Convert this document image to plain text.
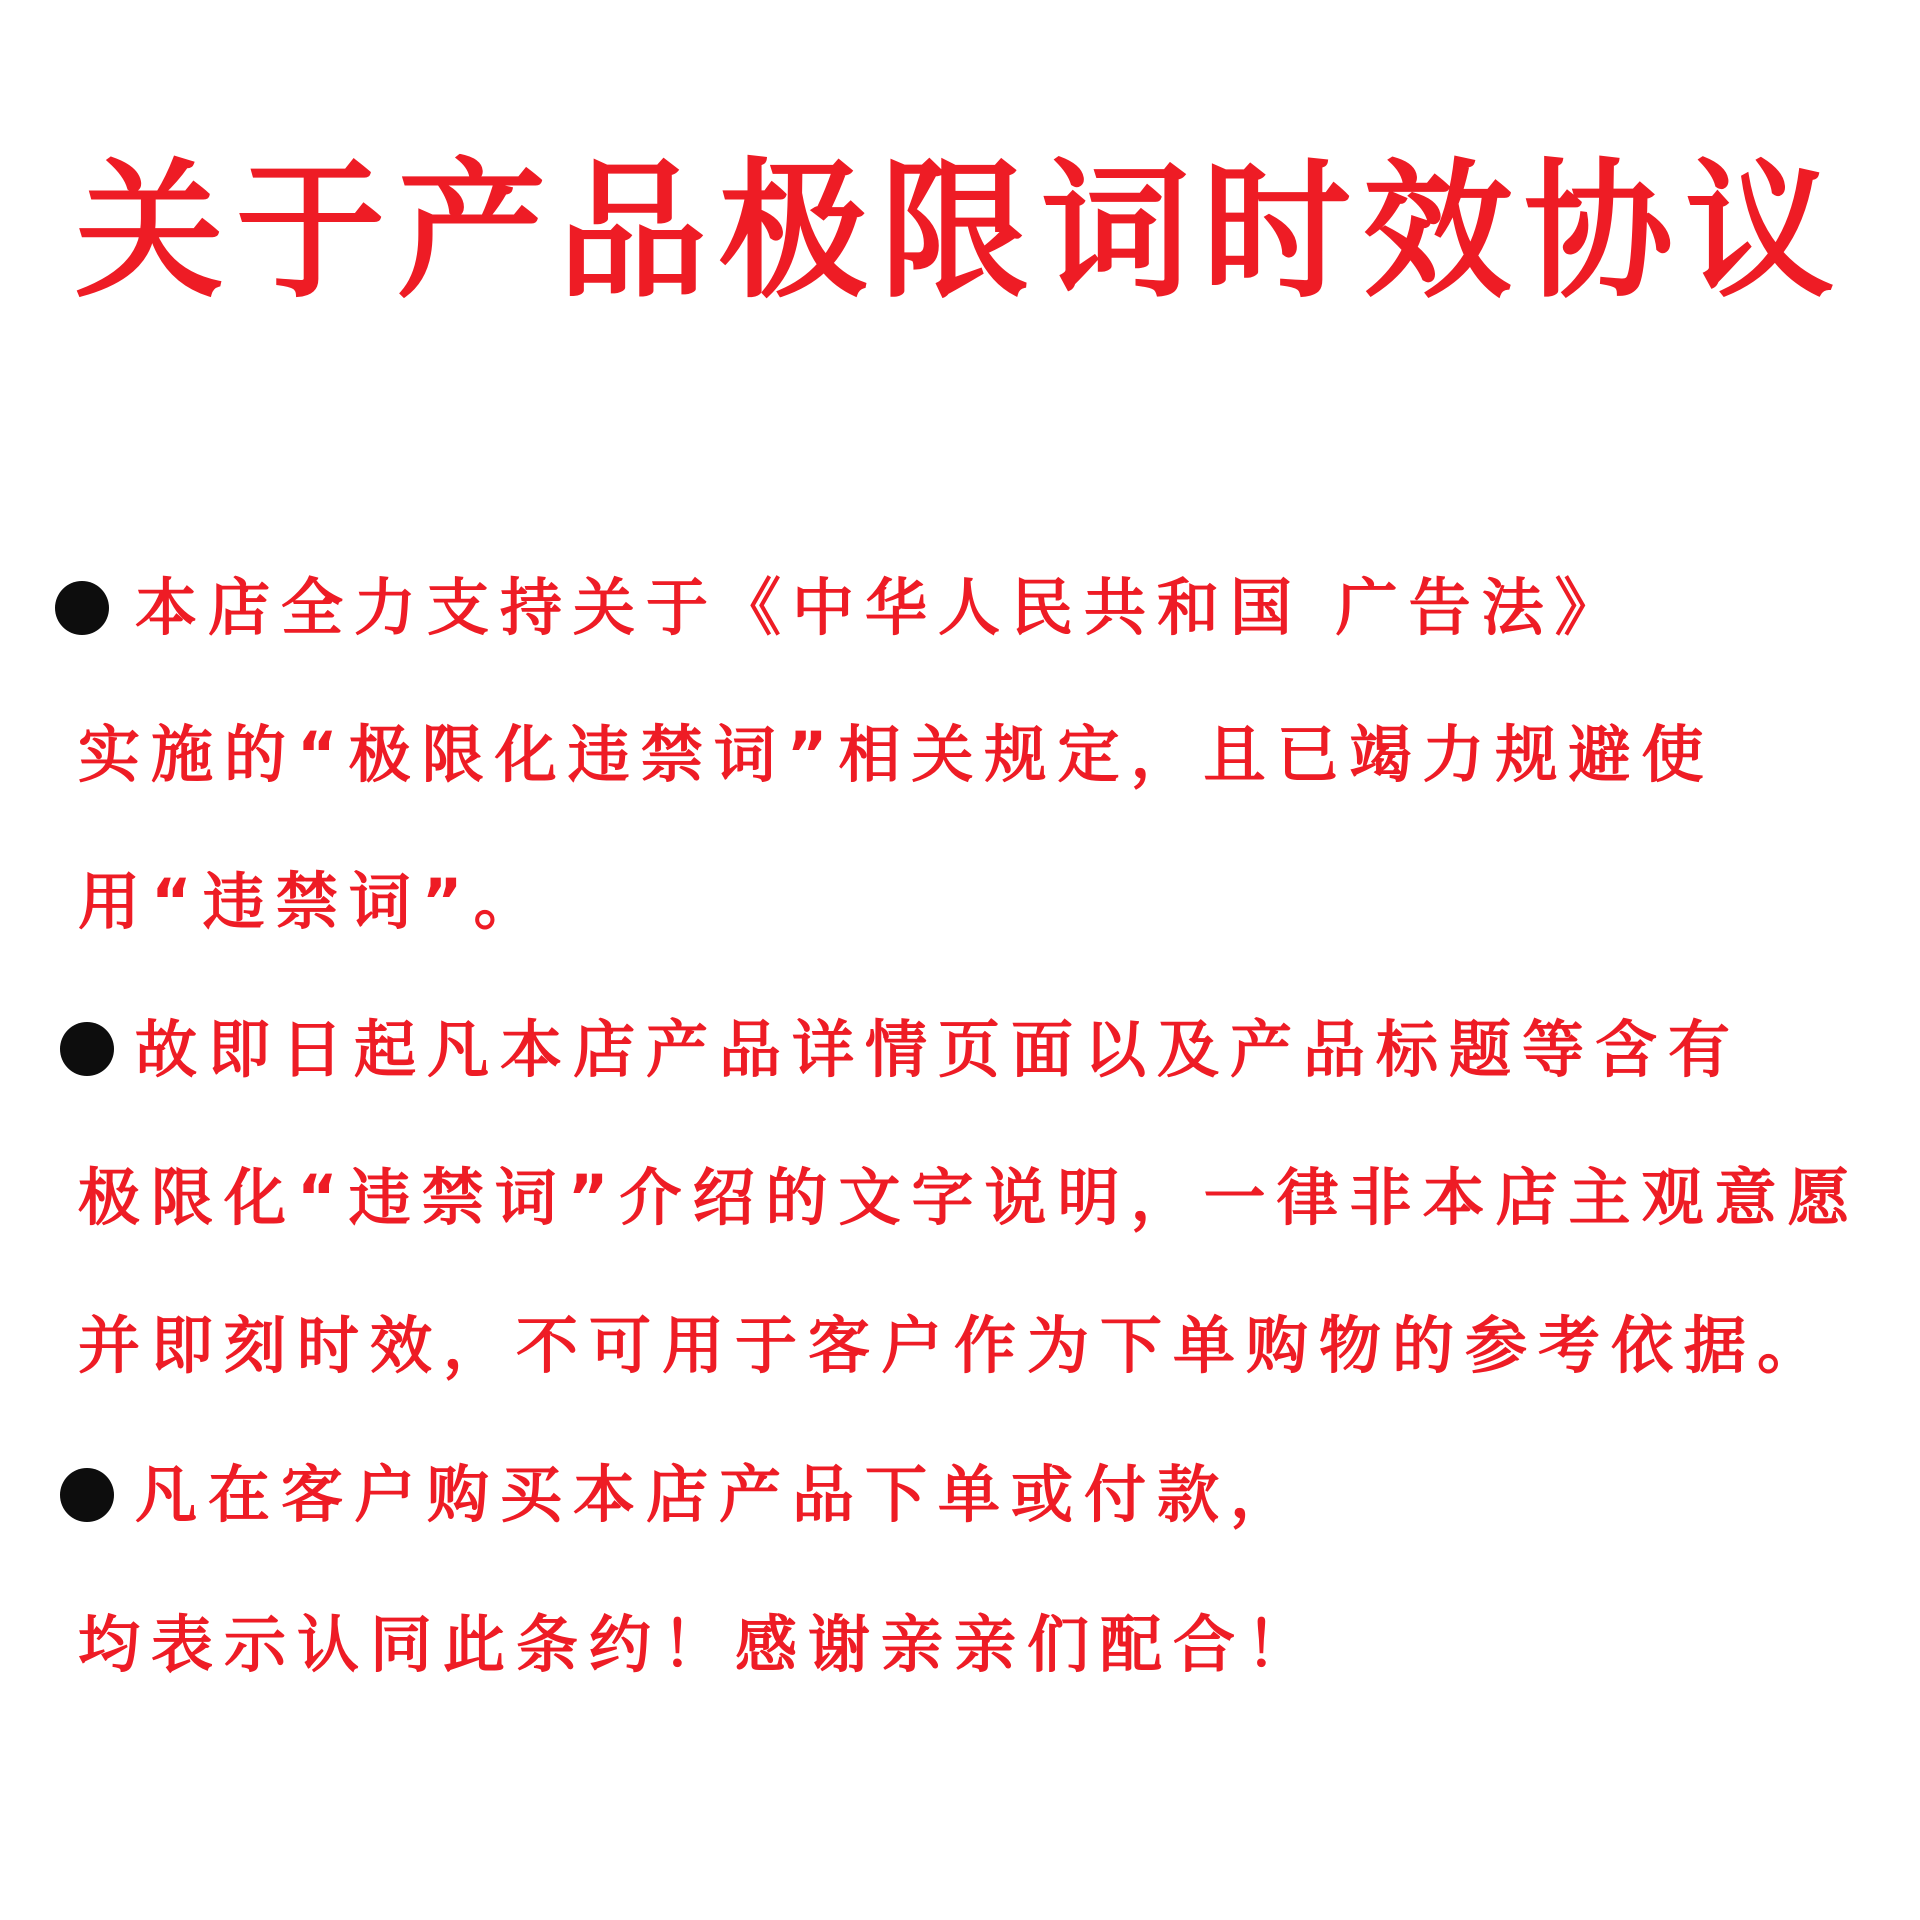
关于产品极限词时效协议
本店全力支持关于《中华人民共和国 广告法》
实施的“极限化违禁词”相关规定，且已竭力规避使
用“违禁词”。
故即日起凡本店产品详情页面以及产品标题等含有
极限化“违禁词”介绍的文字说明，一律非本店主观意愿
并即刻时效，不可用于客户作为下单购物的参考依据。
凡在客户购买本店产品下单或付款，
均表示认同此条约！感谢亲亲们配合！
